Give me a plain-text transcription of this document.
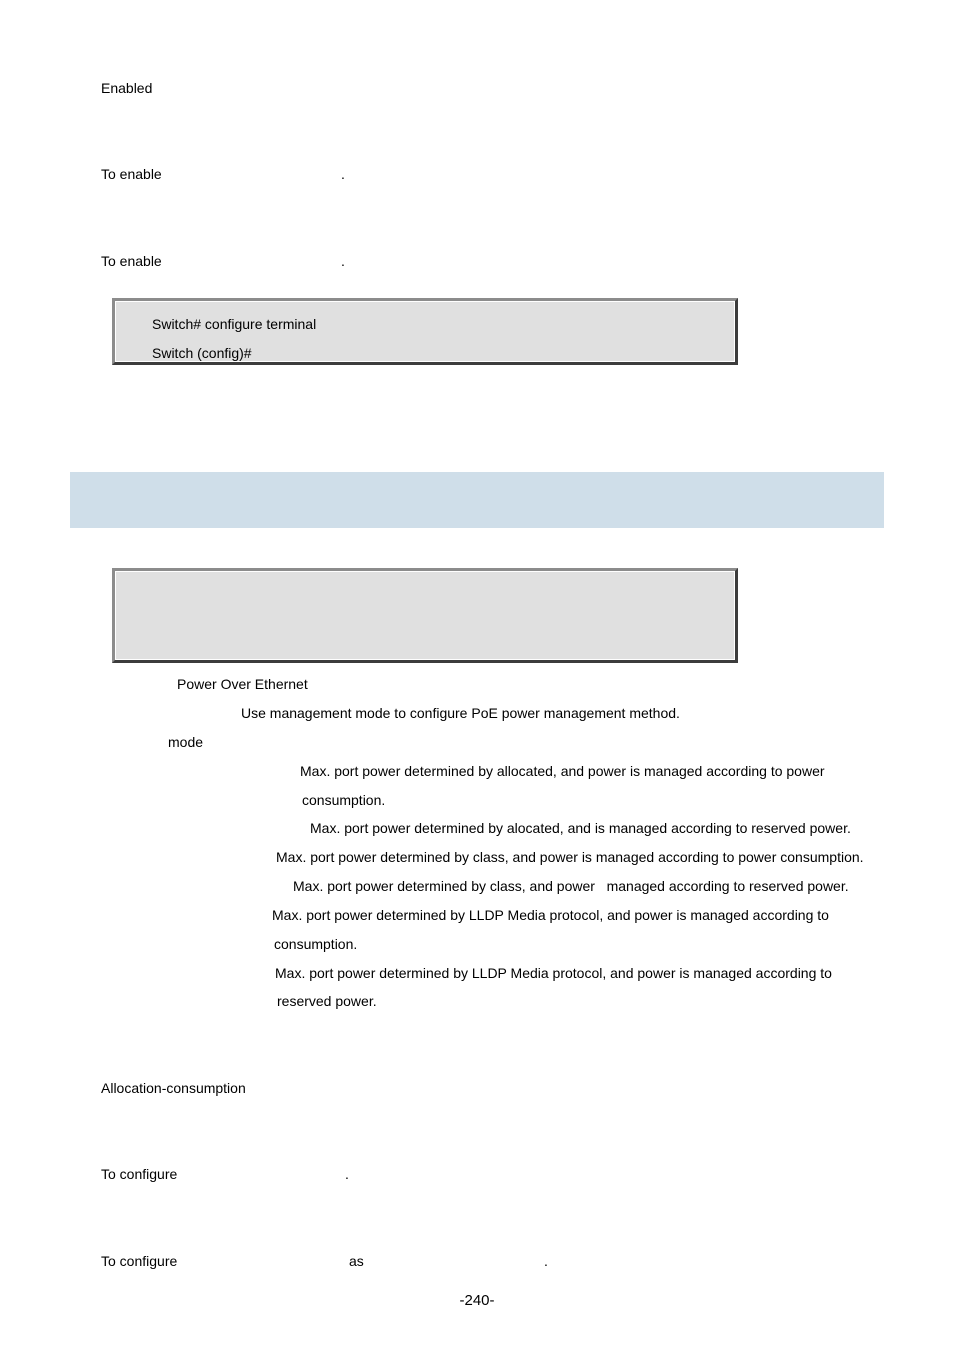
Enabled
To enable	.
To enable	.
Switch# configure terminal
Switch (config)#
Power Over Ethernet
Use management mode to configure PoE power management method.
mode
Max. port power determined by allocated, and power is managed according to power
consumption.
Max. port power determined by alocated, and is managed according to reserved power.
Max. port power determined by class, and power is managed according to power consumption.
Max. port power determined by class, and power   managed according to reserved power.
Max. port power determined by LLDP Media protocol, and power is managed according to
consumption.
Max. port power determined by LLDP Media protocol, and power is managed according to
reserved power.
Allocation-consumption
To configure	.
To configure	as	.
-240-
